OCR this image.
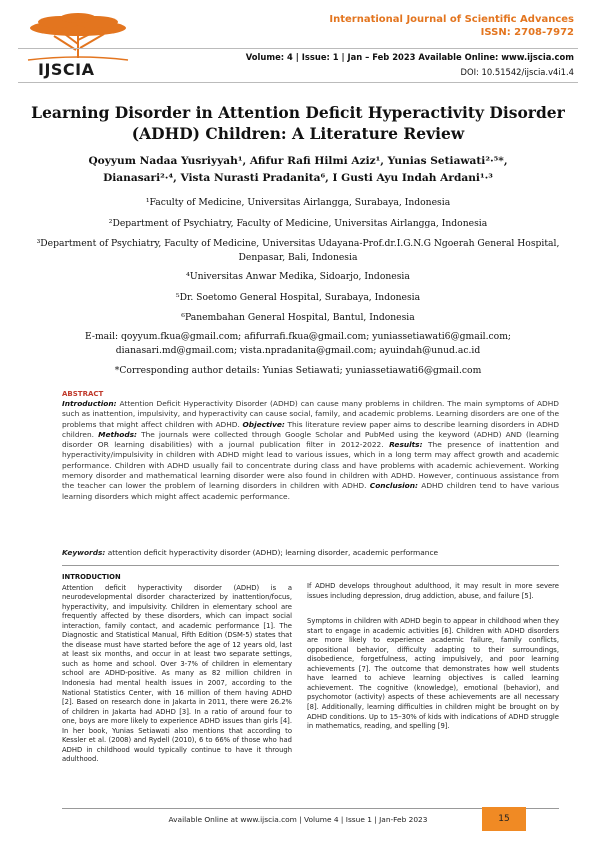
IJSCIA
International Journal of Scientific Advances
ISSN: 2708-7972
Volume: 4 | Issue: 1 | Jan – Feb 2023 Available Online: www.ijscia.com
DOI: 10.51542/ijscia.v4i1.4
Learning Disorder in Attention Deficit Hyperactivity Disorder (ADHD) Children: A Literature Review
Qoyyum Nadaa Yusriyyah¹, Afifur Rafi Hilmi Aziz¹, Yunias Setiawati²·⁵*,
Dianasari²·⁴, Vista Nurasti Pradanita⁶, I Gusti Ayu Indah Ardani¹·³
¹Faculty of Medicine, Universitas Airlangga, Surabaya, Indonesia
²Department of Psychiatry, Faculty of Medicine, Universitas Airlangga, Indonesia
³Department of Psychiatry, Faculty of Medicine, Universitas Udayana-Prof.dr.I.G.N.G Ngoerah General Hospital, Denpasar, Bali, Indonesia
⁴Universitas Anwar Medika, Sidoarjo, Indonesia
⁵Dr. Soetomo General Hospital, Surabaya, Indonesia
⁶Panembahan General Hospital, Bantul, Indonesia
E-mail: qoyyum.fkua@gmail.com; afifurrafi.fkua@gmail.com; yuniassetiawati6@gmail.com; dianasari.md@gmail.com; vista.npradanita@gmail.com; ayuindah@unud.ac.id
*Corresponding author details: Yunias Setiawati; yuniassetiawati6@gmail.com
ABSTRACT
Introduction: Attention Deficit Hyperactivity Disorder (ADHD) can cause many problems in children. The main symptoms of ADHD such as inattention, impulsivity, and hyperactivity can cause social, family, and academic problems. Learning disorders are one of the problems that might affect children with ADHD. Objective: This literature review paper aims to describe learning disorders in ADHD children. Methods: The journals were collected through Google Scholar and PubMed using the keyword (ADHD) AND (learning disorder OR learning disabilities) with a journal publication filter in 2012-2022. Results: The presence of inattention and hyperactivity/impulsivity in children with ADHD might lead to various issues, which in a long term may affect growth and academic performance. Children with ADHD usually fail to concentrate during class and have problems with academic achievement. Working memory disorder and mathematical learning disorder were also found in children with ADHD. However, continuous assistance from the teacher can lower the problem of learning disorders in children with ADHD. Conclusion: ADHD children tend to have various learning disorders which might affect academic performance.
Keywords: attention deficit hyperactivity disorder (ADHD); learning disorder, academic performance
INTRODUCTION

Attention deficit hyperactivity disorder (ADHD) is a neurodevelopmental disorder characterized by inattention/focus, hyperactivity, and impulsivity. Children in elementary school are frequently affected by these disorders, which can impact social interaction, family contact, and academic performance [1]. The Diagnostic and Statistical Manual, Fifth Edition (DSM-5) states that the disease must have started before the age of 12 years old, last at least six months, and occur in at least two separate settings, such as home and school. Over 3-7% of children in elementary school are ADHD-positive. As many as 82 million children in Indonesia had mental health issues in 2007, according to the National Statistics Center, with 16 million of them having ADHD [2]. Based on research done in Jakarta in 2011, there were 26.2% of children in Jakarta had ADHD [3]. In a ratio of around four to one, boys are more likely to experience ADHD issues than girls [4]. In her book, Yunias Setiawati also mentions that according to Kessler et al. (2008) and Rydell (2010), 6 to 66% of those who had ADHD in childhood would typically continue to have it through adulthood.

If ADHD develops throughout adulthood, it may result in more severe issues including depression, drug addiction, abuse, and failure [5].

Symptoms in children with ADHD begin to appear in childhood when they start to engage in academic activities [6]. Children with ADHD disorders are more likely to experience academic failure, family conflicts, oppositional behavior, difficulty adapting to their surroundings, disobedience, forgetfulness, acting impulsively, and poor learning achievements [7]. The outcome that demonstrates how well students have learned to achieve learning objectives is called learning achievement. The cognitive (knowledge), emotional (behavior), and psychomotor (activity) aspects of these achievements are all necessary [8]. Additionally, learning difficulties in children might be brought on by ADHD conditions. Up to 15–30% of kids with indications of ADHD struggle in mathematics, reading, and spelling [9].

Available Online at www.ijscia.com | Volume 4 | Issue 1 | Jan-Feb 2023	15
